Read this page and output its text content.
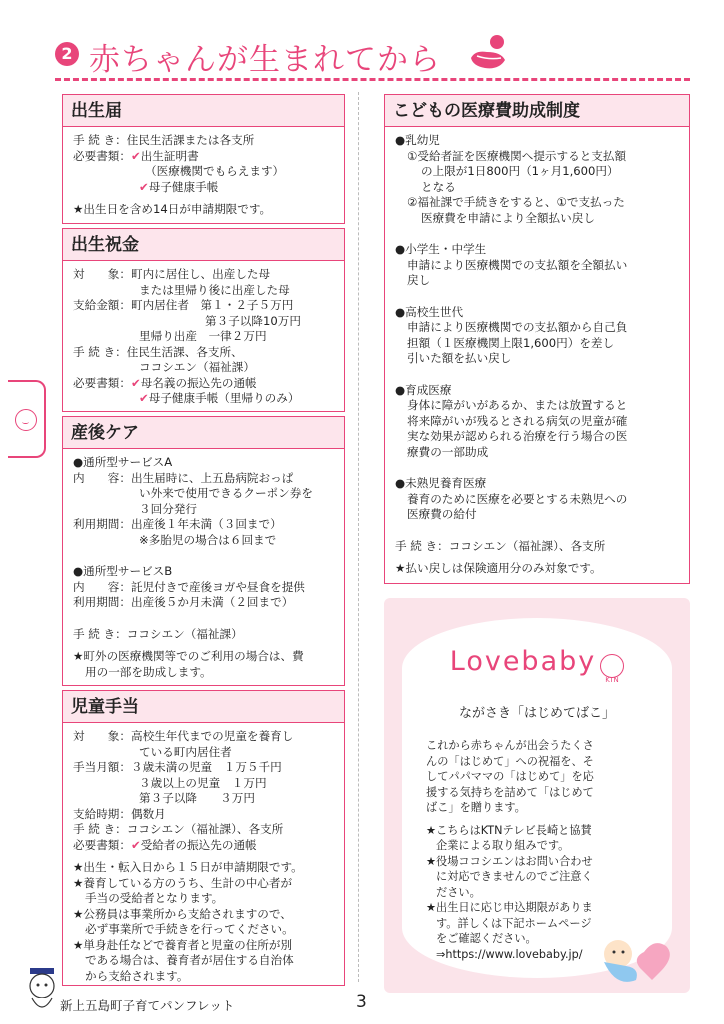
2 赤ちゃんが生まれてから
出生届
手 続 き：住民生活課または各支所
必要書類：✔出生証明書
（医療機関でもらえます）
✔母子健康手帳
★出生日を含め14日が申請期限です。
出生祝金
対　　象：町内に居住し、出産した母
または里帰り後に出産した母
支給金額：町内居住者　第１・２子５万円
第３子以降10万円
里帰り出産　一律２万円
手 続 き：住民生活課、各支所、
ココシエン（福祉課）
必要書類：✔母名義の振込先の通帳
✔母子健康手帳（里帰りのみ）
産後ケア
●通所型サービスA
内　　容：出生届時に、上五島病院おっぱ
い外来で使用できるクーポン券を
３回分発行
利用期間：出産後１年未満（３回まで）
※多胎児の場合は６回まで
●通所型サービスB
内　　容：託児付きで産後ヨガや昼食を提供
利用期間：出産後５か月未満（２回まで）
手 続 き：ココシエン（福祉課）
★町外の医療機関等でのご利用の場合は、費
用の一部を助成します。
児童手当
対　　象：高校生年代までの児童を養育し
ている町内居住者
手当月額：３歳未満の児童　１万５千円
３歳以上の児童　１万円
第３子以降　　３万円
支給時期：偶数月
手 続 き：ココシエン（福祉課）、各支所
必要書類：✔受給者の振込先の通帳
★出生・転入日から１５日が申請期限です。
★養育している方のうち、生計の中心者が
手当の受給者となります。
★公務員は事業所から支給されますので、
必ず事業所で手続きを行ってください。
★単身赴任などで養育者と児童の住所が別
である場合は、養育者が居住する自治体
から支給されます。
こどもの医療費助成制度
●乳幼児
①受給者証を医療機関へ提示すると支払額
の上限が1日800円（1ヶ月1,600円）
となる
②福祉課で手続きをすると、①で支払った
医療費を申請により全額払い戻し
●小学生・中学生
申請により医療機関での支払額を全額払い
戻し
●高校生世代
申請により医療機関での支払額から自己負
担額（１医療機関上限1,600円）を差し
引いた額を払い戻し
●育成医療
身体に障がいがあるか、または放置すると
将来障がいが残るとされる病気の児童が確
実な効果が認められる治療を行う場合の医
療費の一部助成
●未熟児養育医療
養育のために医療を必要とする未熟児への
医療費の給付
手 続 き：ココシエン（福祉課）、各支所
★払い戻しは保険適用分のみ対象です。
Lovebaby
KTN
ながさき「はじめてばこ」
これから赤ちゃんが出会うたくさ
んの「はじめて」への祝福を、そ
してパパママの「はじめて」を応
援する気持ちを詰めて「はじめて
ばこ」を贈ります。
★こちらはKTNテレビ長崎と協賛
企業による取り組みです。
★役場ココシエンはお問い合わせ
に対応できませんのでご注意く
ださい。
★出生日に応じ申込期限がありま
す。詳しくは下記ホームページ
をご確認ください。
⇒https://www.lovebaby.jp/
新上五島町子育てパンフレット	3
